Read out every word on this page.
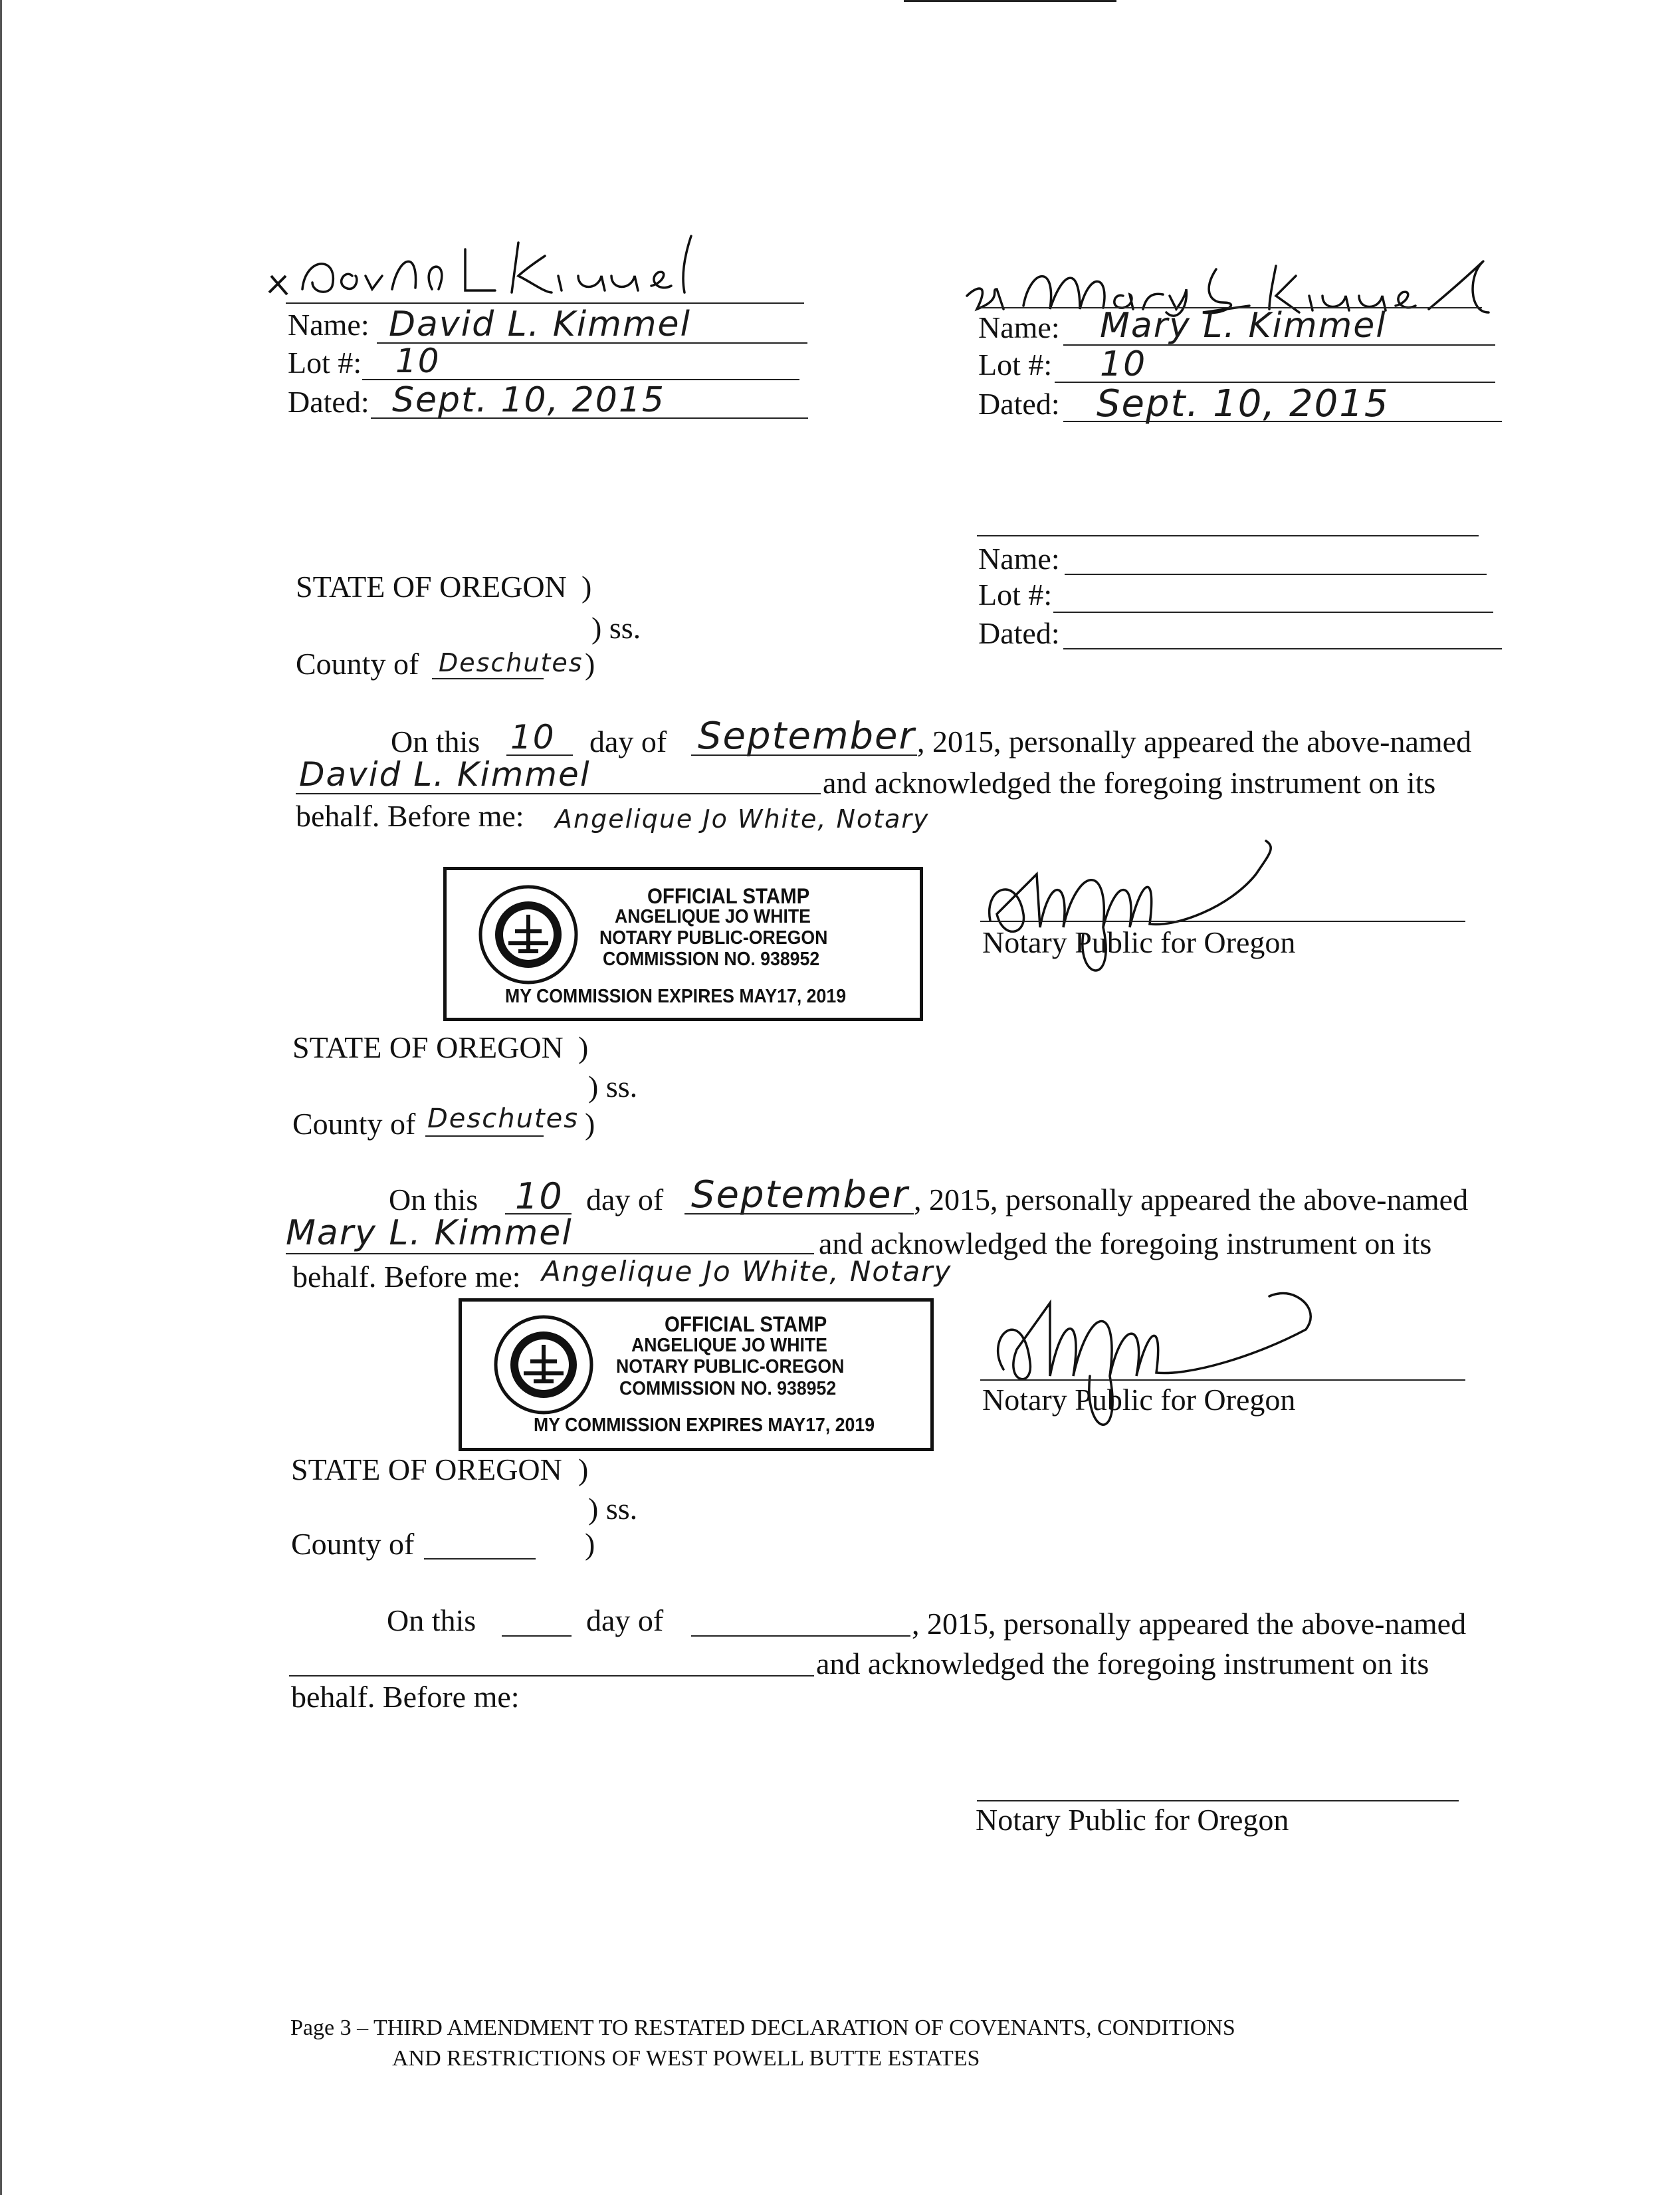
Name: David L. Kimmel
Lot #: 10
Dated: Sept. 10, 2015
Name: Mary L. Kimmel
Lot #: 10
Dated: Sept. 10, 2015
Name:
Lot #:
Dated:
STATE OF OREGON )
) ss.
County of Deschutes )
On this 10 day of September , 2015, personally appeared the above-named
David L. Kimmel	and acknowledged the foregoing instrument on its
behalf. Before me: Angelique Jo White, Notary
OFFICIAL STAMP
ANGELIQUE JO WHITE
NOTARY PUBLIC-OREGON
COMMISSION NO. 938952
MY COMMISSION EXPIRES MAY17, 2019
Notary Public for Oregon
STATE OF OREGON )
) ss.
County of Deschutes )
On this 10 day of September , 2015, personally appeared the above-named
Mary L. Kimmel	and acknowledged the foregoing instrument on its
behalf. Before me: Angelique Jo White, Notary
OFFICIAL STAMP
ANGELIQUE JO WHITE
NOTARY PUBLIC-OREGON
COMMISSION NO. 938952
MY COMMISSION EXPIRES MAY17, 2019
Notary Public for Oregon
STATE OF OREGON )
) ss.
County of	)
On this	day of	, 2015, personally appeared the above-named
and acknowledged the foregoing instrument on its
behalf. Before me:
Notary Public for Oregon
Page 3 – THIRD AMENDMENT TO RESTATED DECLARATION OF COVENANTS, CONDITIONS
AND RESTRICTIONS OF WEST POWELL BUTTE ESTATES
